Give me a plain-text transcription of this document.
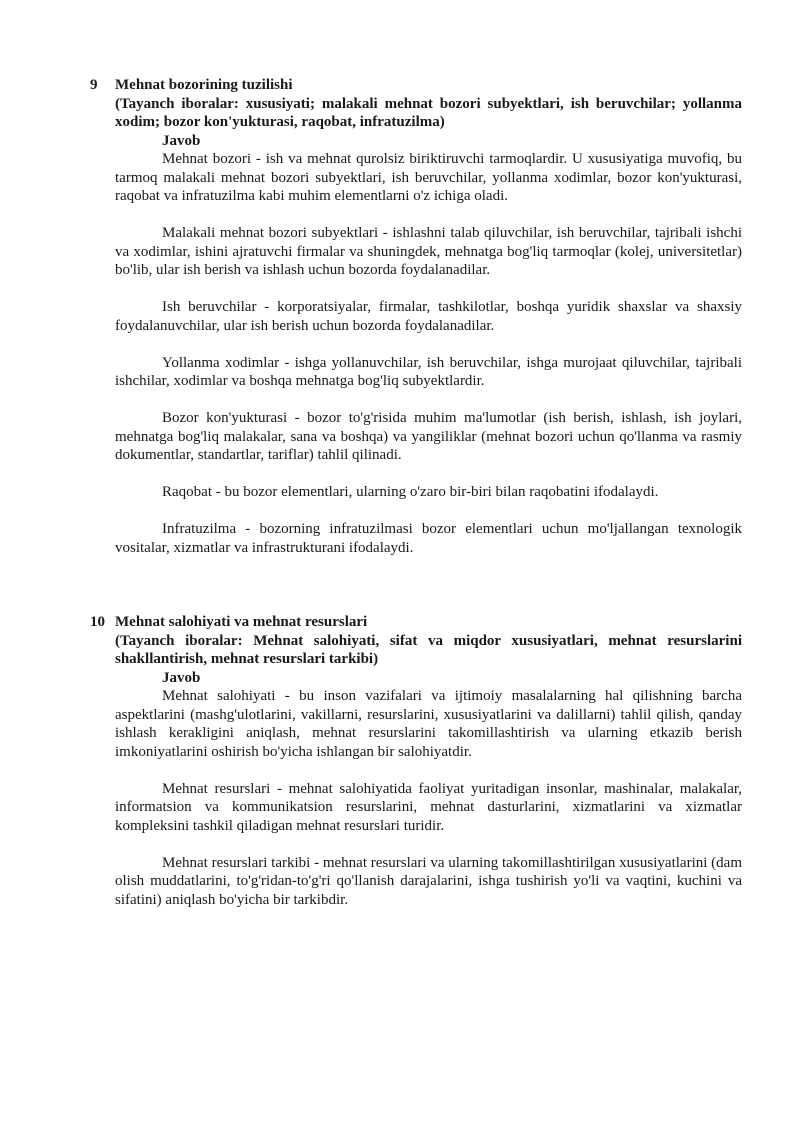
9 Mehnat bozorining tuzilishi
(Tayanch iboralar: xususiyati; malakali mehnat bozori subyektlari, ish beruvchilar; yollanma xodim; bozor kon'yukturasi, raqobat, infratuzilma)
Javob

Mehnat bozori - ish va mehnat qurolsiz biriktiruvchi tarmoqlardir. U xususiyatiga muvofiq, bu tarmoq malakali mehnat bozori subyektlari, ish beruvchilar, yollanma xodimlar, bozor kon'yukturasi, raqobat va infratuzilma kabi muhim elementlarni o'z ichiga oladi.

Malakali mehnat bozori subyektlari - ishlashni talab qiluvchilar, ish beruvchilar, tajribali ishchi va xodimlar, ishini ajratuvchi firmalar va shuningdek, mehnatga bog'liq tarmoqlar (kolej, universitetlar) bo'lib, ular ish berish va ishlash uchun bozorda foydalanadilar.

Ish beruvchilar - korporatsiyalar, firmalar, tashkilotlar, boshqa yuridik shaxslar va shaxsiy foydalanuvchilar, ular ish berish uchun bozorda foydalanadilar.

Yollanma xodimlar - ishga yollanuvchilar, ish beruvchilar, ishga murojaat qiluvchilar, tajribali ishchilar, xodimlar va boshqa mehnatga bog'liq subyektlardir.

Bozor kon'yukturasi - bozor to'g'risida muhim ma'lumotlar (ish berish, ishlash, ish joylari, mehnatga bog'liq malakalar, sana va boshqa) va yangiliklar (mehnat bozori uchun qo'llanma va rasmiy dokumentlar, standartlar, tariflar) tahlil qilinadi.

Raqobat - bu bozor elementlari, ularning o'zaro bir-biri bilan raqobatini ifodalaydi.

Infratuzilma - bozorning infratuzilmasi bozor elementlari uchun mo'ljallangan texnologik vositalar, xizmatlar va infrastrukturani ifodalaydi.

10 Mehnat salohiyati va mehnat resurslari
(Tayanch iboralar: Mehnat salohiyati, sifat va miqdor xususiyatlari, mehnat resurslarini shakllantirish, mehnat resurslari tarkibi)
Javob

Mehnat salohiyati - bu inson vazifalari va ijtimoiy masalalarning hal qilishning barcha aspektlarini (mashg'ulotlarini, vakillarni, resurslarini, xususiyatlarini va dalillarni) tahlil qilish, qanday ishlash kerakligini aniqlash, mehnat resurslarini takomillashtirish va ularning etkazib berish imkoniyatlarini oshirish bo'yicha ishlangan bir salohiyatdir.

Mehnat resurslari - mehnat salohiyatida faoliyat yuritadigan insonlar, mashinalar, malakalar, informatsion va kommunikatsion resurslarini, mehnat dasturlarini, xizmatlarini va xizmatlar kompleksini tashkil qiladigan mehnat resurslari turidir.

Mehnat resurslari tarkibi - mehnat resurslari va ularning takomillashtirilgan xususiyatlarini (dam olish muddatlarini, to'g'ridan-to'g'ri qo'llanish darajalarini, ishga tushirish yo'li va vaqtini, kuchini va sifatini) aniqlash bo'yicha bir tarkibdir.
